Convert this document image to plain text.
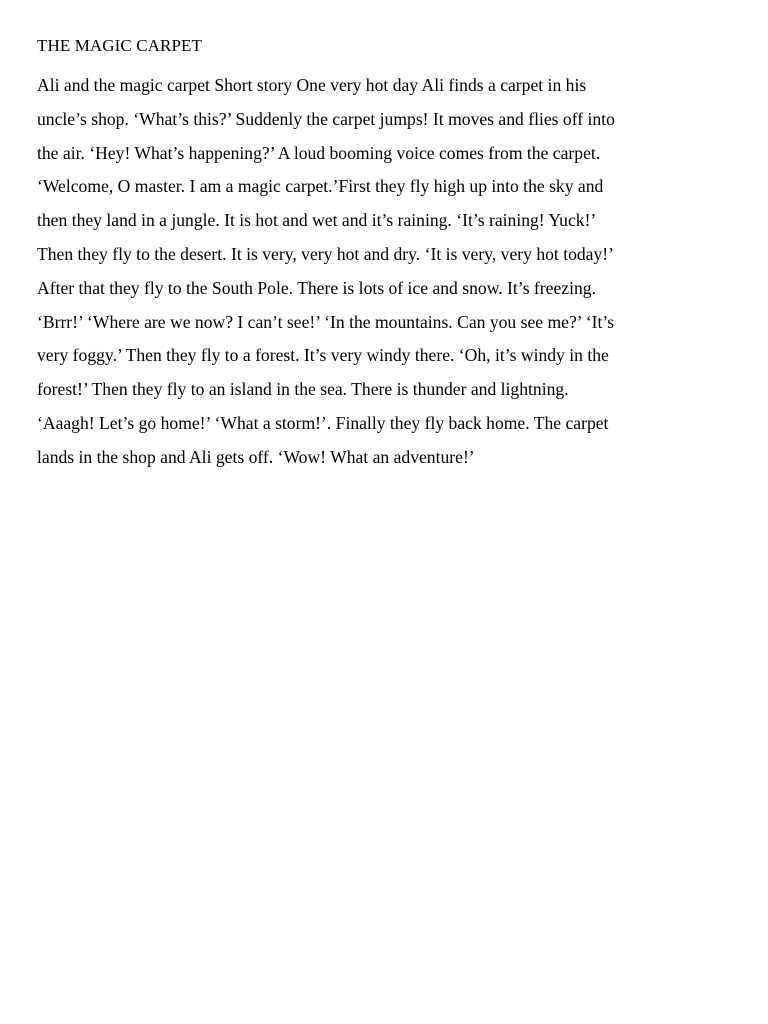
THE MAGIC CARPET

Ali and the magic carpet Short story One very hot day Ali finds a carpet in his
uncle’s shop. ‘What’s this?’ Suddenly the carpet jumps! It moves and flies off into
the air. ‘Hey! What’s happening?’ A loud booming voice comes from the carpet.
‘Welcome, O master. I am a magic carpet.’First they fly high up into the sky and
then they land in a jungle. It is hot and wet and it’s raining. ‘It’s raining! Yuck!’
Then they fly to the desert. It is very, very hot and dry. ‘It is very, very hot today!’
After that they fly to the South Pole. There is lots of ice and snow. It’s freezing.
‘Brrr!’ ‘Where are we now? I can’t see!’ ‘In the mountains. Can you see me?’ ‘It’s
very foggy.’ Then they fly to a forest. It’s very windy there. ‘Oh, it’s windy in the
forest!’ Then they fly to an island in the sea. There is thunder and lightning.
‘Aaagh! Let’s go home!’ ‘What a storm!’. Finally they fly back home. The carpet
lands in the shop and Ali gets off. ‘Wow! What an adventure!’
